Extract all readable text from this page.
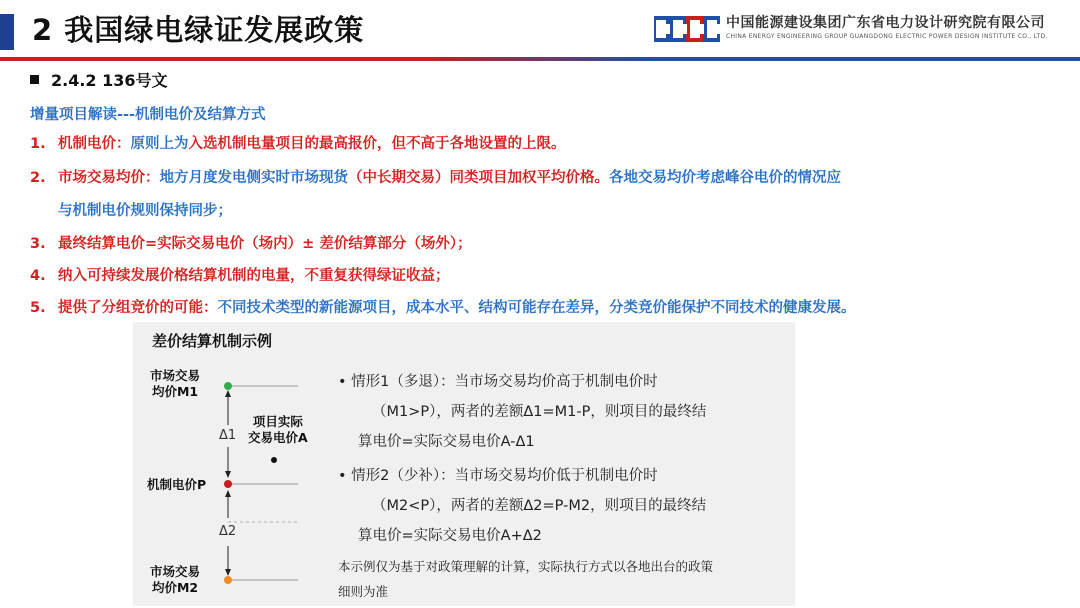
2 我国绿电绿证发展政策	中国能源建设集团广东省电力设计研究院有限公司
CHINA ENERGY ENGINEERING GROUP GUANGDONG ELECTRIC POWER DESIGN INSTITUTE CO., LTD.
2.4.2 136号文
增量项目解读---机制电价及结算方式
1. 机制电价：原则上为入选机制电量项目的最高报价，但不高于各地设置的上限。
2. 市场交易均价：地方月度发电侧实时市场现货（中长期交易）同类项目加权平均价格。各地交易均价考虑峰谷电价的情况应
与机制电价规则保持同步；
3. 最终结算电价=实际交易电价（场内）± 差价结算部分（场外）；
4. 纳入可持续发展价格结算机制的电量，不重复获得绿证收益；
5. 提供了分组竞价的可能：不同技术类型的新能源项目，成本水平、结构可能存在差异，分类竞价能保护不同技术的健康发展。
差价结算机制示例
市场交易
均价M1
机制电价P
市场交易
均价M2
项目实际
交易电价A
Δ1
Δ2
• 情形1（多退）：当市场交易均价高于机制电价时
（M1>P），两者的差额Δ1=M1-P，则项目的最终结
算电价=实际交易电价A-Δ1
• 情形2（少补）：当市场交易均价低于机制电价时
（M2<P），两者的差额Δ2=P-M2，则项目的最终结
算电价=实际交易电价A+Δ2
本示例仅为基于对政策理解的计算，实际执行方式以各地出台的政策
细则为准
